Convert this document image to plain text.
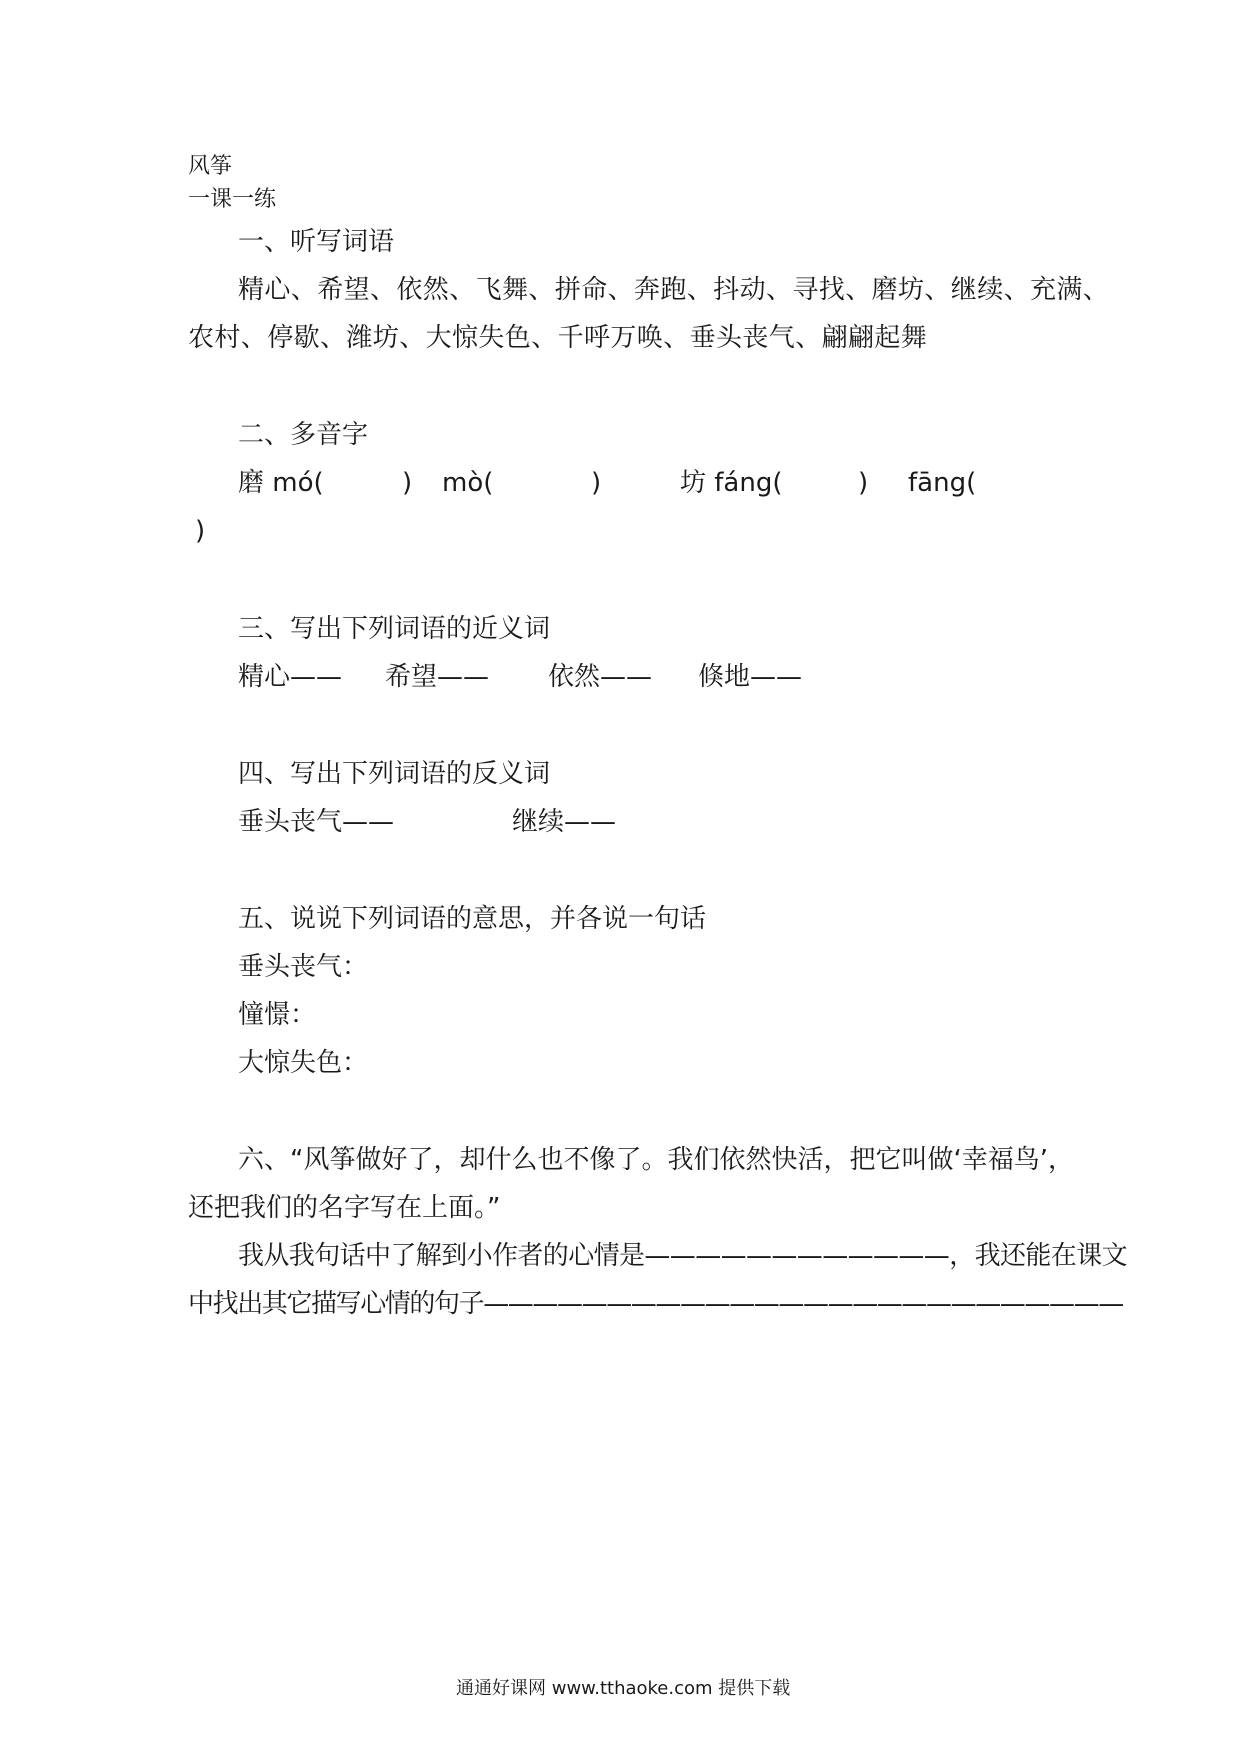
风筝
一课一练
一、听写词语
精心、希望、依然、飞舞、拼命、奔跑、抖动、寻找、磨坊、继续、充满、
农村、停歇、潍坊、大惊失色、千呼万唤、垂头丧气、翩翩起舞
二、多音字
磨 mó(	) mò(	)	坊 fáng(	) fāng(
)
三、写出下列词语的近义词
精心—— 希望—— 依然—— 倏地——
四、写出下列词语的反义词
垂头丧气——	继续——
五、说说下列词语的意思，并各说一句话
垂头丧气：
憧憬：
大惊失色：
六、“风筝做好了，却什么也不像了。我们依然快活，把它叫做‘幸福鸟’，
还把我们的名字写在上面。”
我从我句话中了解到小作者的心情是————————————，我还能在课文
中找出其它描写心情的句子——————————————————————————
通通好课网 www.tthaoke.com 提供下载
